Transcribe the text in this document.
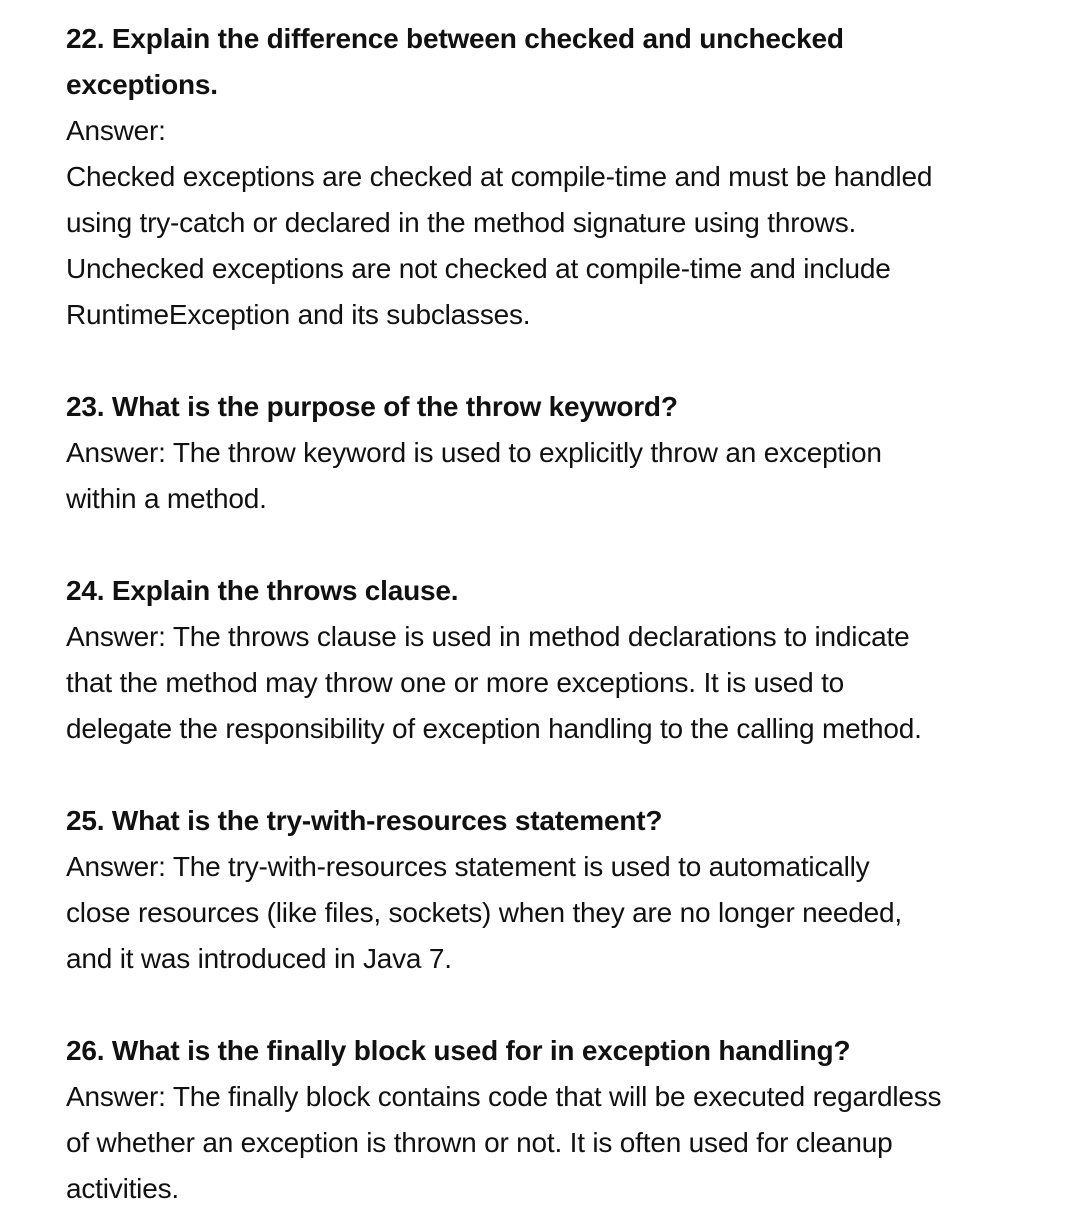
22. Explain the difference between checked and unchecked
exceptions.
Answer:
Checked exceptions are checked at compile-time and must be handled
using try-catch or declared in the method signature using throws.
Unchecked exceptions are not checked at compile-time and include
RuntimeException and its subclasses.
23. What is the purpose of the throw keyword?
Answer: The throw keyword is used to explicitly throw an exception
within a method.
24. Explain the throws clause.
Answer: The throws clause is used in method declarations to indicate
that the method may throw one or more exceptions. It is used to
delegate the responsibility of exception handling to the calling method.
25. What is the try-with-resources statement?
Answer: The try-with-resources statement is used to automatically
close resources (like files, sockets) when they are no longer needed,
and it was introduced in Java 7.
26. What is the finally block used for in exception handling?
Answer: The finally block contains code that will be executed regardless
of whether an exception is thrown or not. It is often used for cleanup
activities.
